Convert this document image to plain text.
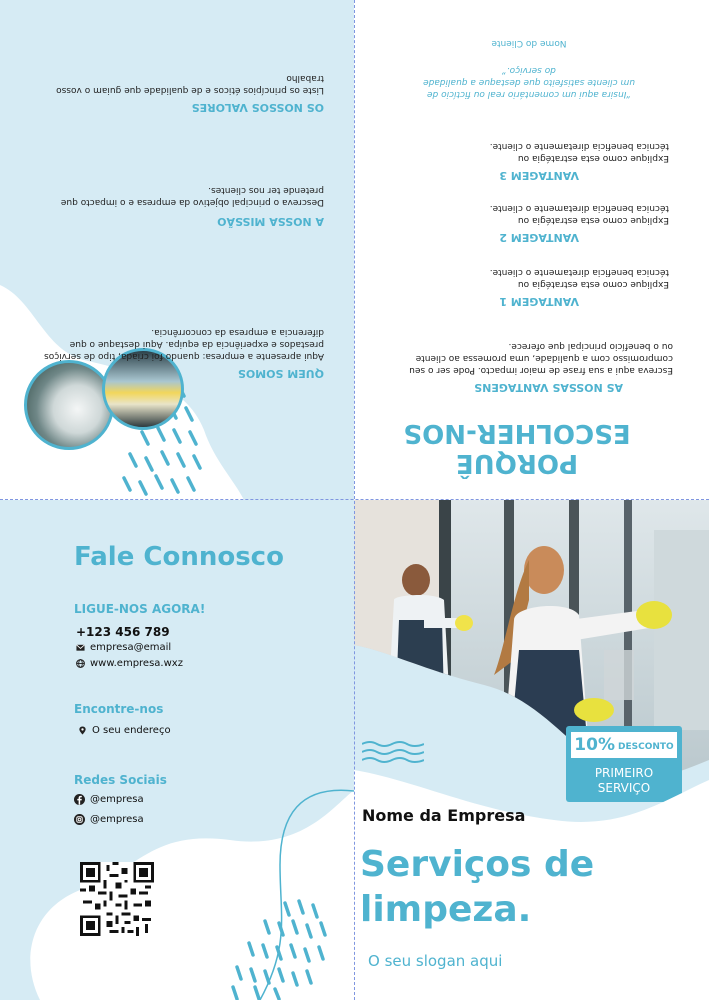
QUEM SOMOS
Aqui apresente a empresa: quando foi criada, tipo de serviços prestados e experiência da equipa. Aqui destaque o que diferencia a empresa da concorrência.
A NOSSA MISSÃO
Descreva o principal objetivo da empresa e o impacto que pretende ter nos clientes.
OS NOSSOS VALORES
Liste os princípios éticos e de qualidade que guiam o vosso trabalho
PORQUÊ ESCOLHER-NOS
AS NOSSAS VANTAGENS
Escreva aqui a sua frase de maior impacto. Pode ser o seu compromisso com a qualidade, uma promessa ao cliente ou o benefício principal que oferece.
VANTAGEM 1
Explique como esta estratégia ou técnica beneficia diretamente o cliente.
VANTAGEM 2
Explique como esta estratégia ou técnica beneficia diretamente o cliente.
VANTAGEM 3
Explique como esta estratégia ou técnica beneficia diretamente o cliente.
“Insira aqui um comentário real ou fictício de um cliente satisfeito que destaque a qualidade do serviço.”
Nome do Cliente
Fale Connosco
LIGUE-NOS AGORA!
+123 456 789
empresa@email
www.empresa.wxz
Encontre-nos
O seu endereço
Redes Sociais
@empresa
@empresa
10% DESCONTO
PRIMEIRO
SERVIÇO
Nome da Empresa
Serviços de
limpeza.
O seu slogan aqui
